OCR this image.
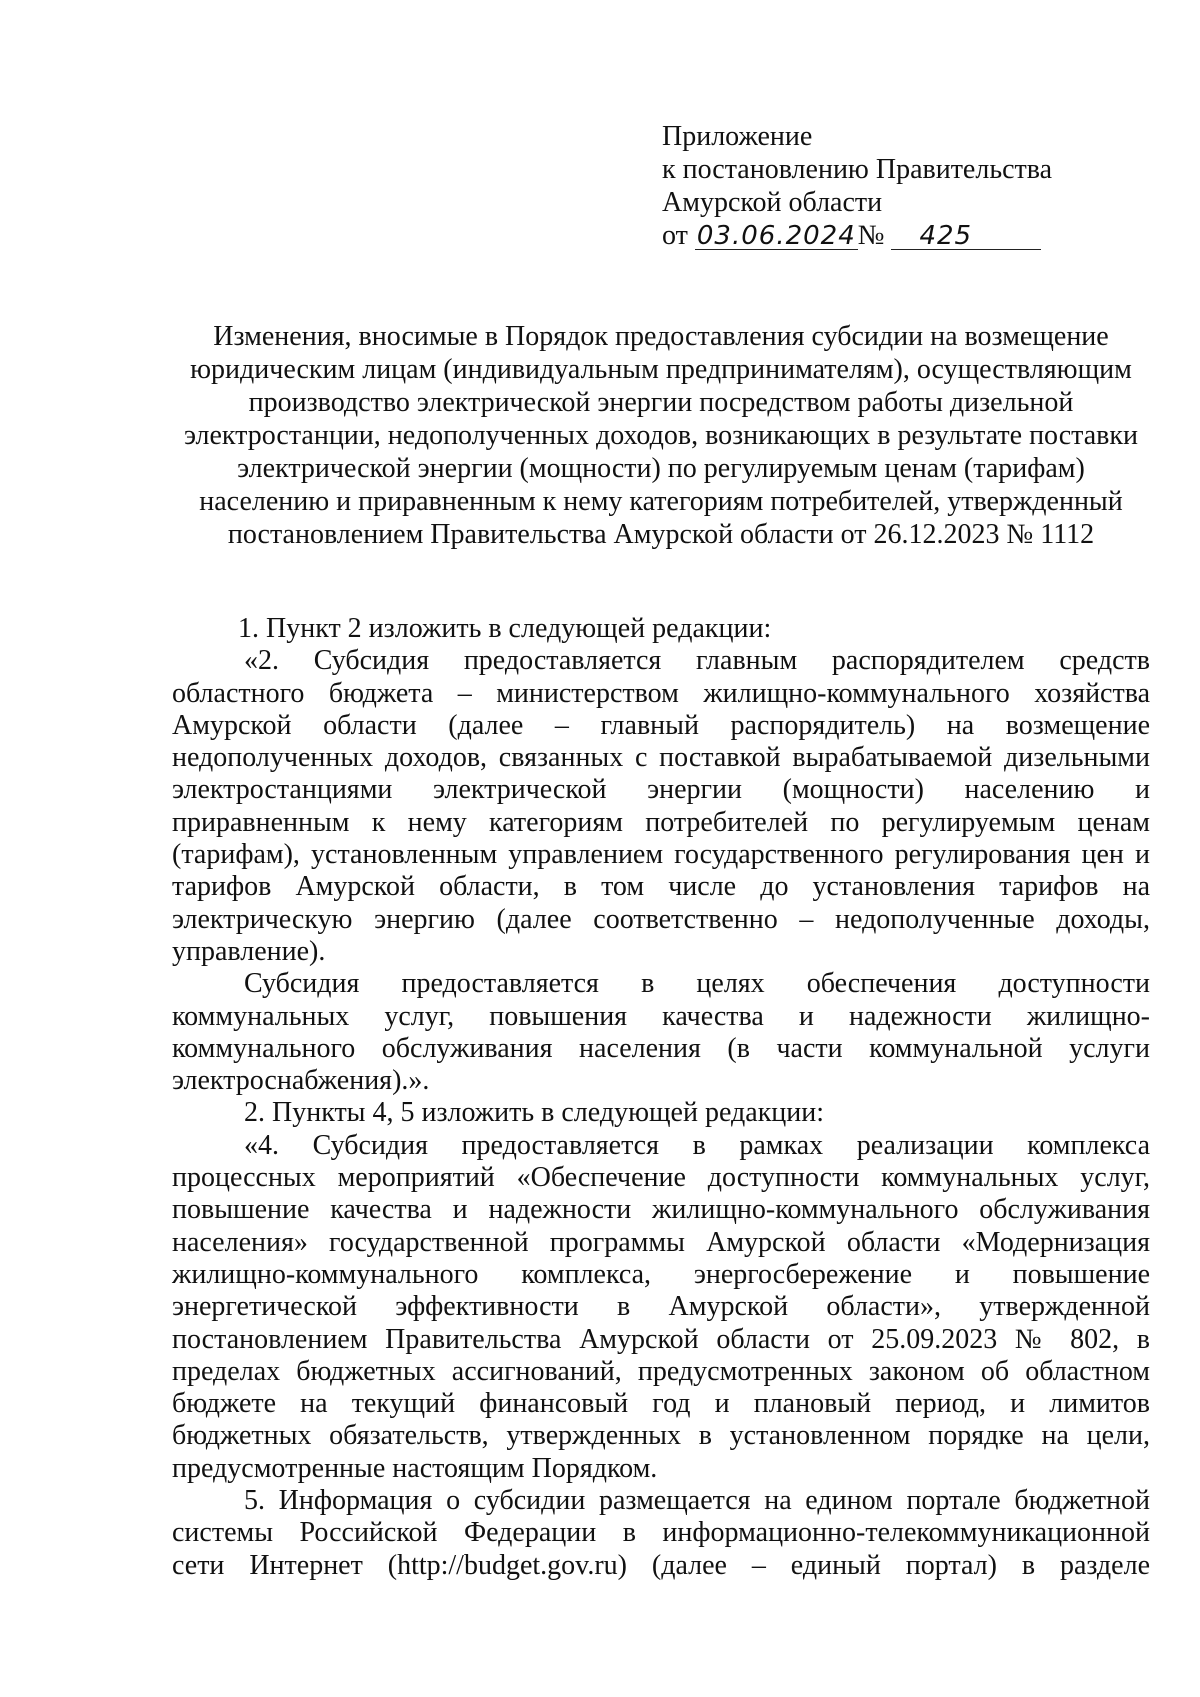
Приложение
к постановлению Правительства
Амурской области
от 03.06.2024№ 425
Изменения, вносимые в Порядок предоставления субсидии на возмещение
юридическим лицам (индивидуальным предпринимателям), осуществляющим
производство электрической энергии посредством работы дизельной
электростанции, недополученных доходов, возникающих в результате поставки
электрической энергии (мощности) по регулируемым ценам (тарифам)
населению и приравненным к нему категориям потребителей, утвержденный
постановлением Правительства Амурской области от 26.12.2023 № 1112
1. Пункт 2 изложить в следующей редакции:
«2. Субсидия предоставляется главным распорядителем средств
областного бюджета – министерством жилищно-коммунального хозяйства
Амурской области (далее – главный распорядитель) на возмещение
недополученных доходов, связанных с поставкой вырабатываемой дизельными
электростанциями электрической энергии (мощности) населению и
приравненным к нему категориям потребителей по регулируемым ценам
(тарифам), установленным управлением государственного регулирования цен и
тарифов Амурской области, в том числе до установления тарифов на
электрическую энергию (далее соответственно – недополученные доходы,
управление).
Субсидия предоставляется в целях обеспечения доступности
коммунальных услуг, повышения качества и надежности жилищно-
коммунального обслуживания населения (в части коммунальной услуги
электроснабжения).».
2. Пункты 4, 5 изложить в следующей редакции:
«4. Субсидия предоставляется в рамках реализации комплекса
процессных мероприятий «Обеспечение доступности коммунальных услуг,
повышение качества и надежности жилищно-коммунального обслуживания
населения» государственной программы Амурской области «Модернизация
жилищно-коммунального комплекса, энергосбережение и повышение
энергетической эффективности в Амурской области», утвержденной
постановлением Правительства Амурской области от 25.09.2023 № 802, в
пределах бюджетных ассигнований, предусмотренных законом об областном
бюджете на текущий финансовый год и плановый период, и лимитов
бюджетных обязательств, утвержденных в установленном порядке на цели,
предусмотренные настоящим Порядком.
5. Информация о субсидии размещается на едином портале бюджетной
системы Российской Федерации в информационно-телекоммуникационной
сети Интернет (http://budget.gov.ru) (далее – единый портал) в разделе
